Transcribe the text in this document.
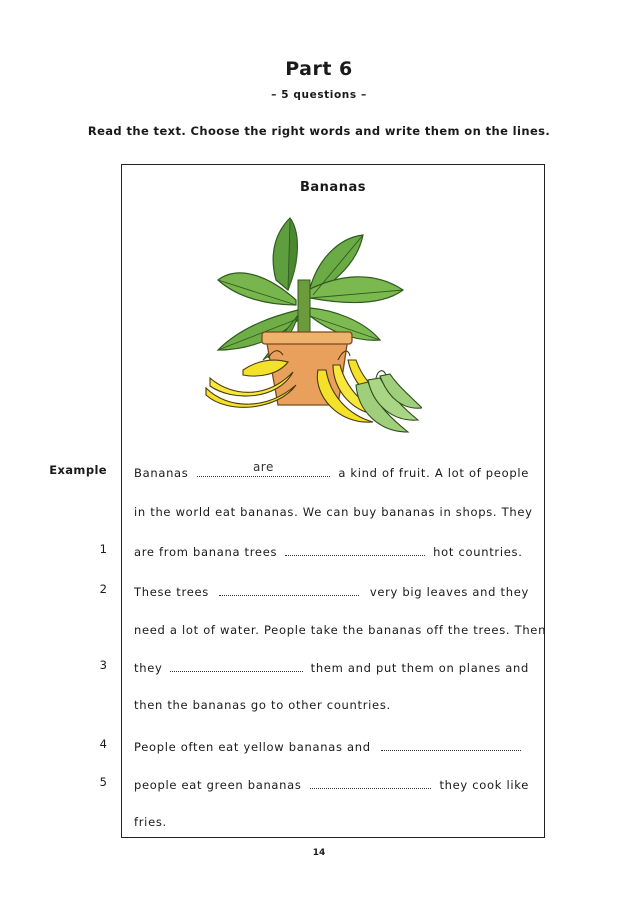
Part 6
– 5 questions –
Read the text. Choose the right words and write them on the lines.
Bananas
Example Bananas	are	a kind of fruit. A lot of people
in the world eat bananas. We can buy bananas in shops. They
1 are from banana trees	hot countries.
2 These trees	very big leaves and they
need a lot of water. People take the bananas off the trees. Then
3 they	them and put them on planes and
then the bananas go to other countries.
4 People often eat yellow bananas and
5 people eat green bananas	they cook like
fries.
14
